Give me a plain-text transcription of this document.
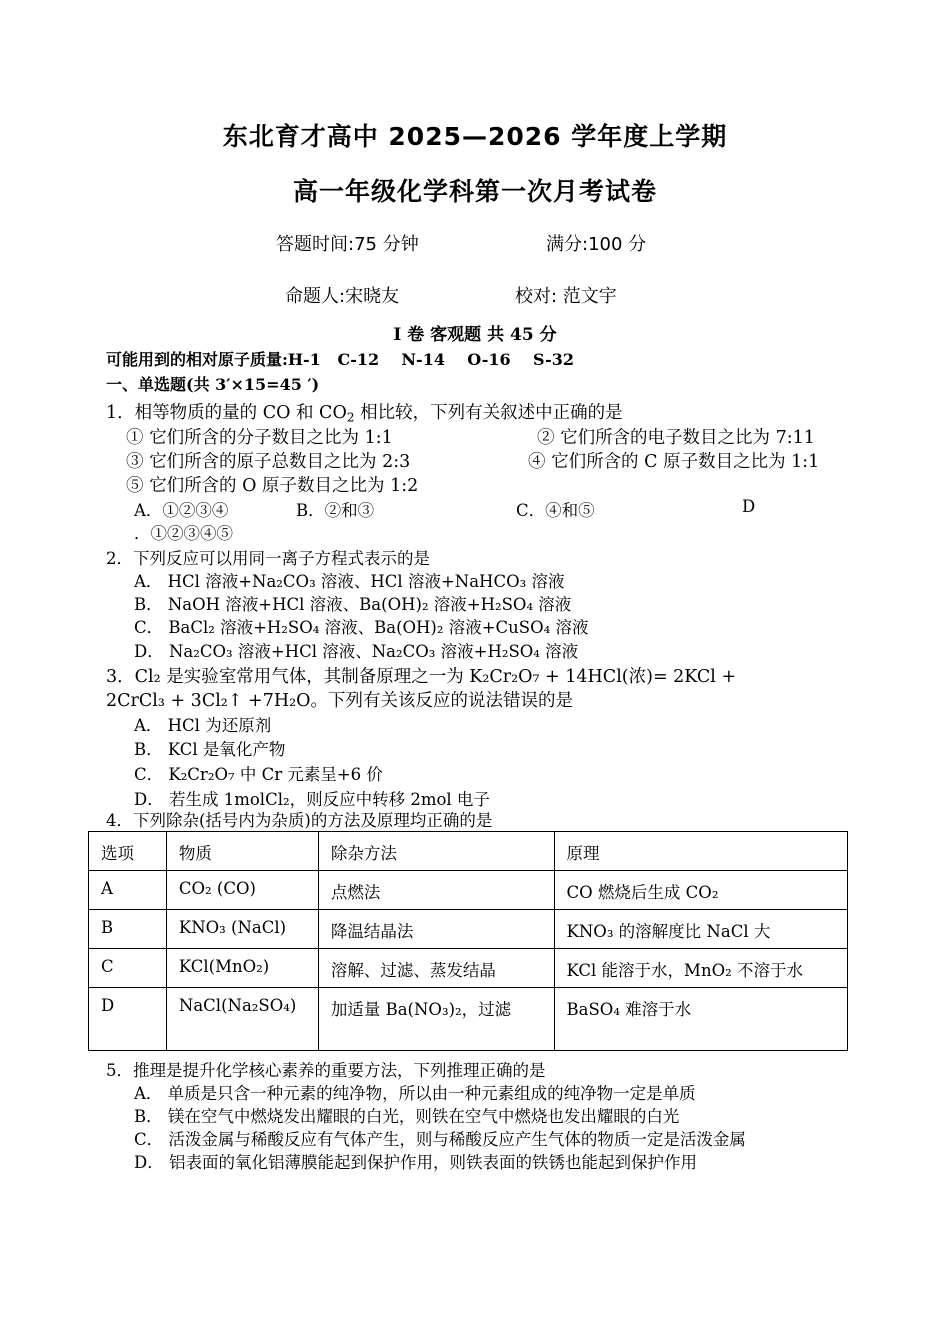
东北育才高中 2025—2026 学年度上学期
高一年级化学科第一次月考试卷
答题时间:75 分钟	满分:100 分
命题人:宋晓友	校对: 范文宇
I 卷 客观题 共 45 分
可能用到的相对原子质量:H-1   C-12    N-14    O-16    S-32
一、单选题(共 3′×15=45 ′)
1．相等物质的量的 CO 和 $CO_2$ 相比较，下列有关叙述中正确的是
① 它们所含的分子数目之比为 1:1	② 它们所含的电子数目之比为 7:11
③ 它们所含的原子总数目之比为 2:3	④ 它们所含的 C 原子数目之比为 1:1
⑤ 它们所含的 O 原子数目之比为 1:2
A．①②③④	B．②和③	C．④和⑤	D
．①②③④⑤
2．下列反应可以用同一离子方程式表示的是
A． HCl 溶液+Na₂CO₃ 溶液、HCl 溶液+NaHCO₃ 溶液
B． NaOH 溶液+HCl 溶液、Ba(OH)₂ 溶液+H₂SO₄ 溶液
C． BaCl₂ 溶液+H₂SO₄ 溶液、Ba(OH)₂ 溶液+CuSO₄ 溶液
D． Na₂CO₃ 溶液+HCl 溶液、Na₂CO₃ 溶液+H₂SO₄ 溶液
3．Cl₂ 是实验室常用气体，其制备原理之一为 K₂Cr₂O₇ + 14HCl(浓)= 2KCl +
2CrCl₃ + 3Cl₂↑ +7H₂O。下列有关该反应的说法错误的是
A． HCl 为还原剂
B． KCl 是氧化产物
C． K₂Cr₂O₇ 中 Cr 元素呈+6 价
D． 若生成 1molCl₂，则反应中转移 2mol 电子
4．下列除杂(括号内为杂质)的方法及原理均正确的是
选项	物质	除杂方法	原理
A	CO₂ (CO)	点燃法	CO 燃烧后生成 CO₂
B	KNO₃ (NaCl)	降温结晶法	KNO₃ 的溶解度比 NaCl 大
C	KCl(MnO₂)	溶解、过滤、蒸发结晶	KCl 能溶于水，MnO₂ 不溶于水
D	NaCl(Na₂SO₄)	加适量 Ba(NO₃)₂，过滤	BaSO₄ 难溶于水
5．推理是提升化学核心素养的重要方法，下列推理正确的是
A． 单质是只含一种元素的纯净物，所以由一种元素组成的纯净物一定是单质
B． 镁在空气中燃烧发出耀眼的白光，则铁在空气中燃烧也发出耀眼的白光
C． 活泼金属与稀酸反应有气体产生，则与稀酸反应产生气体的物质一定是活泼金属
D． 铝表面的氧化铝薄膜能起到保护作用，则铁表面的铁锈也能起到保护作用
